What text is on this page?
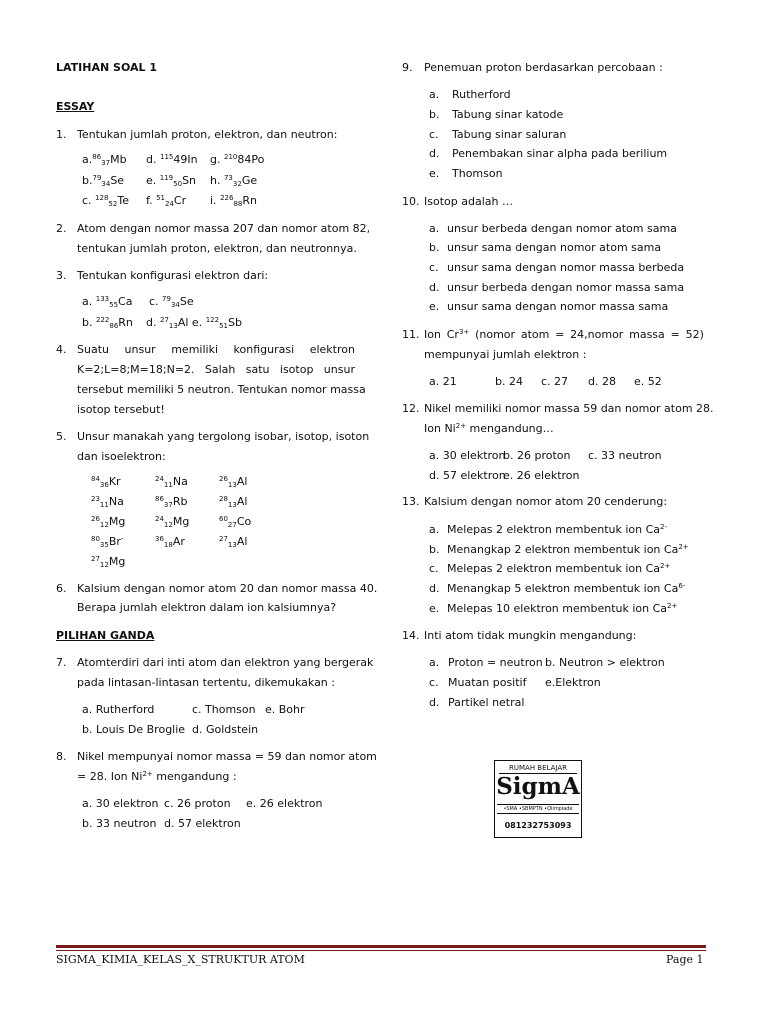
LATIHAN SOAL 1
ESSAY
1. Tentukan jumlah proton, elektron, dan neutron:
a.$^{86}_{37}$Mb d. $^{115}$49In g. $^{210}$84Po
b.$^{79}_{34}$Se e. $^{119}_{50}$Sn h. $^{73}_{32}$Ge
c. $^{128}_{52}$Te f. $^{51}_{24}$Cr i. $^{226}_{88}$Rn
2. Atom dengan nomor massa 207 dan nomor atom 82,
tentukan jumlah proton, elektron, dan neutronnya.
3. Tentukan konfigurasi elektron dari:
a. $^{133}_{55}$Ca c. $^{79}_{34}$Se
b. $^{222}_{86}$Rn d. $^{27}_{13}$Al e. $^{122}_{51}$Sb
4. Suatu unsur memiliki konfigurasi elektron
K=2;L=8;M=18;N=2. Salah satu isotop unsur
tersebut memiliki 5 neutron. Tentukan nomor massa
isotop tersebut!
5. Unsur manakah yang tergolong isobar, isotop, isoton
dan isoelektron:
$^{84}_{36}$Kr	$^{24}_{11}$Na	$^{26}_{13}$Al
$^{23}_{11}$Na	$^{86}_{37}$Rb	$^{28}_{13}$Al
$^{26}_{12}$Mg	$^{24}_{12}$Mg	$^{60}_{27}$Co
$^{80}_{35}$Br-	$^{36}_{18}$Ar	$^{27}_{13}$Al
$^{27}_{12}$Mg
6. Kalsium dengan nomor atom 20 dan nomor massa 40.
Berapa jumlah elektron dalam ion kalsiumnya?
PILIHAN GANDA
7. Atom terdiri dari inti atom dan elektron yang bergerak
pada lintasan-lintasan tertentu, dikemukakan :
a. Rutherford	c. Thomson e. Bohr
b. Louis De Broglie d. Goldstein
8. Nikel mempunyai nomor massa = 59 dan nomor atom
= 28. Ion $Ni^{2+}$ mengandung :
a. 30 elektron c. 26 proton e. 26 elektron
b. 33 neutron d. 57 elektron
9. Penemuan proton berdasarkan percobaan :
a. Rutherford
b. Tabung sinar katode
c. Tabung sinar saluran
d. Penembakan sinar alpha pada berilium
e. Thomson
10. Isotop adalah …
a. unsur berbeda dengan nomor atom sama
b. unsur sama dengan nomor atom sama
c. unsur sama dengan nomor massa berbeda
d. unsur berbeda dengan nomor massa sama
e. unsur sama dengan nomor massa sama
11. Ion $Cr^{3+}$ (nomor atom = 24,nomor massa = 52)
mempunyai jumlah elektron :
a. 21	b. 24 c. 27 d. 28 e. 52
12. Nikel memiliki nomor massa 59 dan nomor atom 28.
Ion $Ni^{2+}$ mengandung…
a. 30 elektron
b. 26 proton c. 33 neutron
d. 57 elektron
e. 26 elektron
13. Kalsium dengan nomor atom 20 cenderung:
a. Melepas 2 elektron membentuk ion $Ca^{2-}$
b. Menangkap 2 elektron membentuk ion $Ca^{2+}$
c. Melepas 2 elektron membentuk ion $Ca^{2+}$
d. Menangkap 5 elektron membentuk ion $Ca^{6-}$
e. Melepas 10 elektron membentuk ion $Ca^{2+}$
14. Inti atom tidak mungkin mengandung:
a. Proton = neutron b. Neutron > elektron
c. Muatan positif e.Elektron
d. Partikel netral
RUMAH BELAJAR
SigmA
•SMA •SBMPTN •Olimpiade
081232753093
SIGMA_KIMIA_KELAS_X_STRUKTUR ATOM	Page 1
